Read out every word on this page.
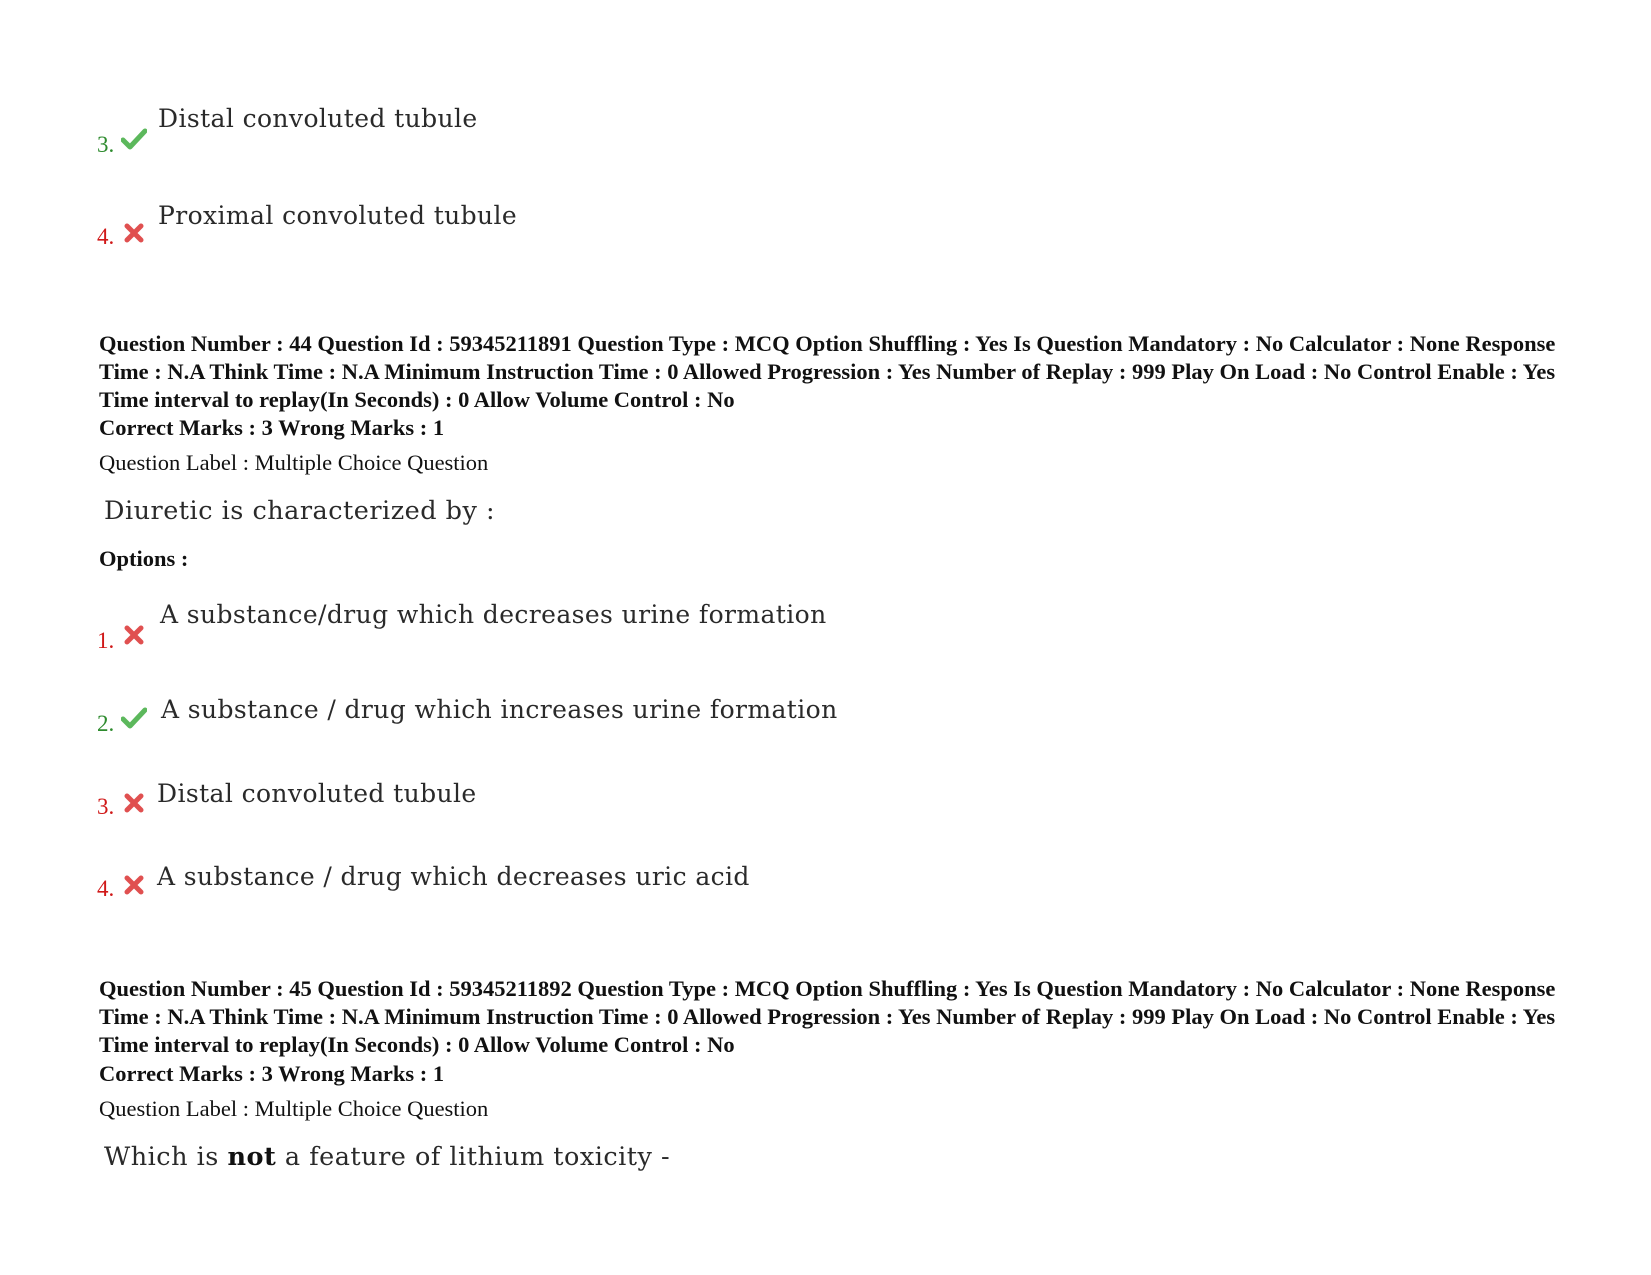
3.
Distal convoluted tubule
4.
Proximal convoluted tubule
Question Number : 44 Question Id : 59345211891 Question Type : MCQ Option Shuffling : Yes Is Question Mandatory : No Calculator : None Response Time : N.A Think Time : N.A Minimum Instruction Time : 0 Allowed Progression : Yes Number of Replay : 999 Play On Load : No Control Enable : Yes Time interval to replay(In Seconds) : 0 Allow Volume Control : No
Correct Marks : 3 Wrong Marks : 1
Question Label : Multiple Choice Question
Diuretic is characterized by :
Options :
1.
A substance/drug which decreases urine formation
2. A substance / drug which increases urine formation
3. Distal convoluted tubule
4. A substance / drug which decreases uric acid
Question Number : 45 Question Id : 59345211892 Question Type : MCQ Option Shuffling : Yes Is Question Mandatory : No Calculator : None Response Time : N.A Think Time : N.A Minimum Instruction Time : 0 Allowed Progression : Yes Number of Replay : 999 Play On Load : No Control Enable : Yes Time interval to replay(In Seconds) : 0 Allow Volume Control : No
Correct Marks : 3 Wrong Marks : 1
Question Label : Multiple Choice Question
Which is not a feature of lithium toxicity -
